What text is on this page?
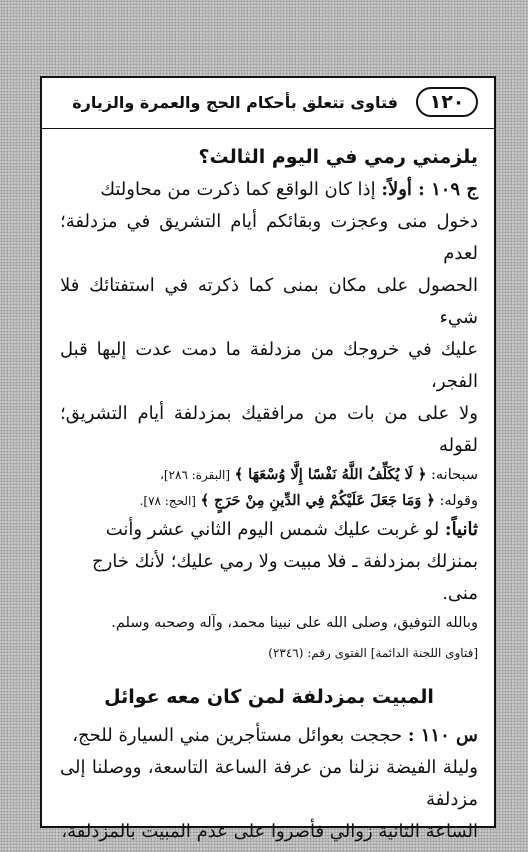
١٢٠
فتاوى تتعلق بأحكام الحج والعمرة والزيارة

يلزمني رمي في اليوم الثالث؟

ج ١٠٩ : أولاً: إذا كان الواقع كما ذكرت من محاولتك

دخول منى وعجزت وبقائكم أيام التشريق في مزدلفة؛ لعدم

الحصول على مكان بمنى كما ذكرته في استفتائك فلا شيء

عليك في خروجك من مزدلفة ما دمت عدت إليها قبل الفجر،

ولا على من بات من مرافقيك بمزدلفة أيام التشريق؛ لقوله

سبحانه: ﴿ لَا يُكَلِّفُ اللَّهُ نَفْسًا إِلَّا وُسْعَهَا ﴾ [البقرة: ٢٨٦]،

وقوله: ﴿ وَمَا جَعَلَ عَلَيْكُمْ فِي الدِّينِ مِنْ حَرَجٍ ﴾ [الحج: ٧٨].

ثانياً: لو غربت عليك شمس اليوم الثاني عشر وأنت

بمنزلك بمزدلفة ـ فلا مبيت ولا رمي عليك؛ لأنك خارج

منى.

وبالله التوفيق، وصلى الله على نبينا محمد، وآله وصحبه وسلم.

[فتاوى اللجنة الدائمة] الفتوى رقم: (٢٣٤٦)

المبيت بمزدلفة لمن كان معه عوائل

س ١١٠ : حججت بعوائل مستأجرين مني السيارة للحج،

وليلة الفيضة نزلنا من عرفة الساعة التاسعة، ووصلنا إلى مزدلفة

الساعة الثانية زوالي فأصروا على عدم المبيت بالمزدلفة،
